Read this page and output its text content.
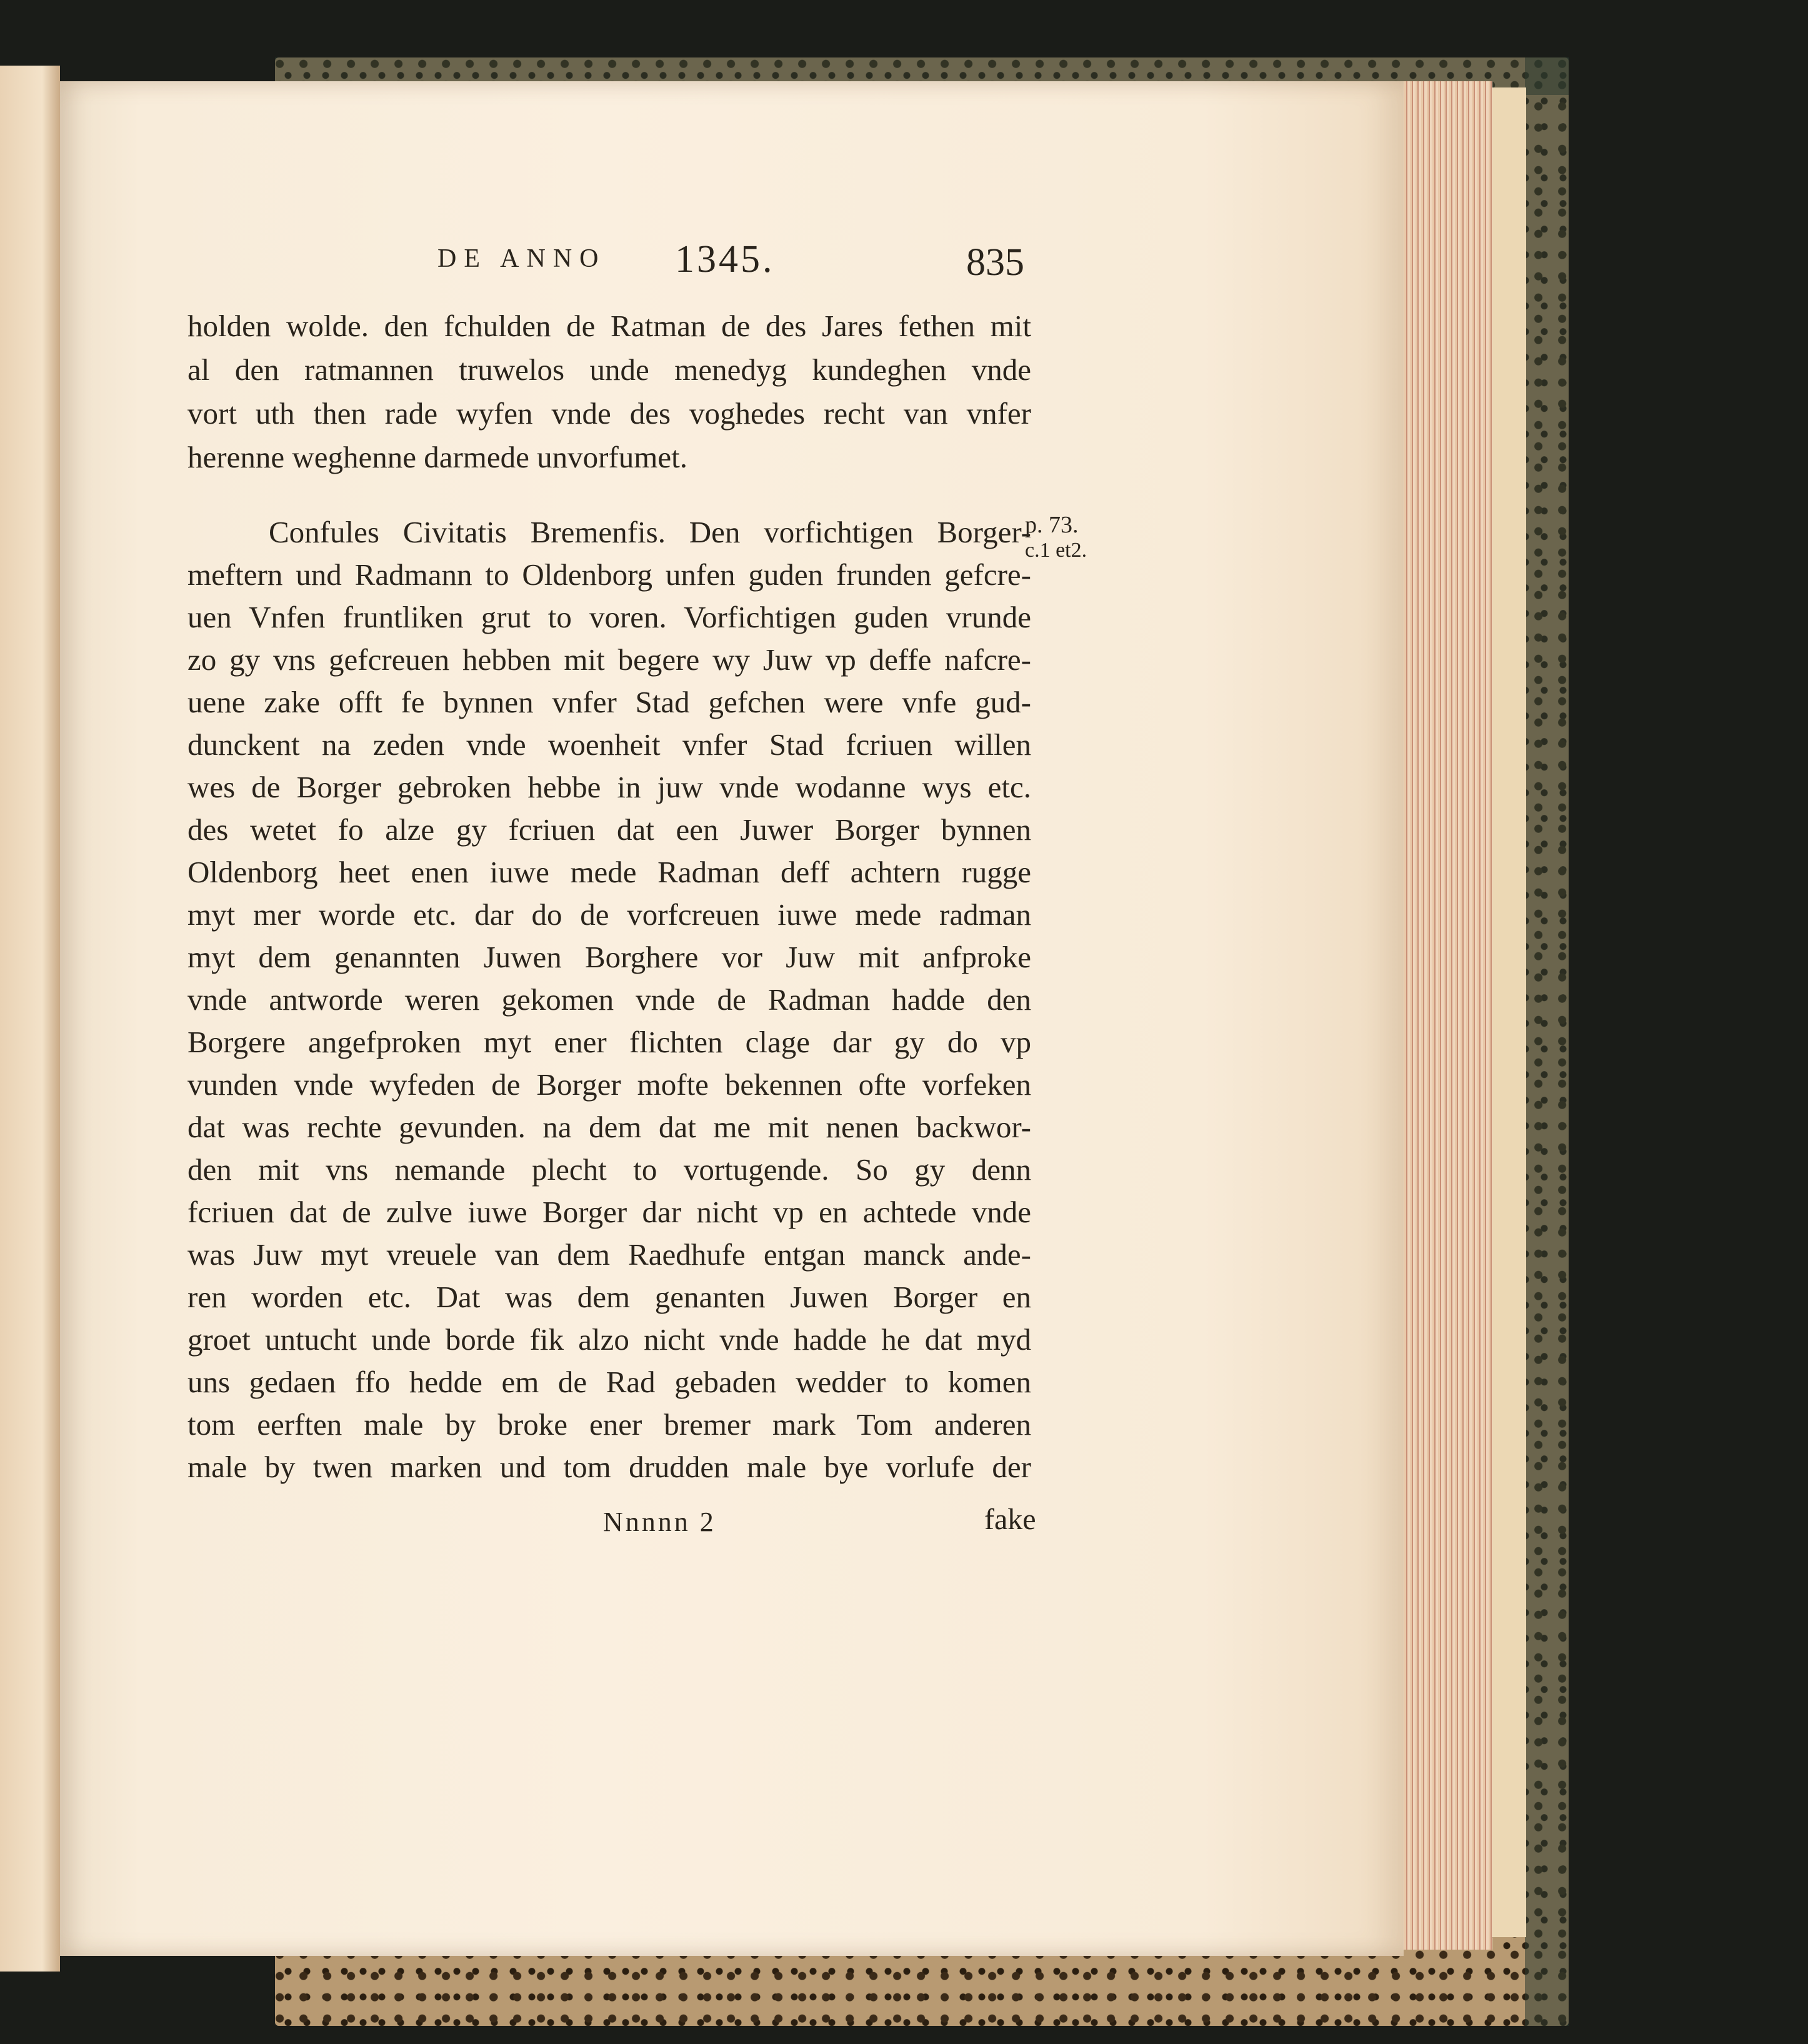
DE ANNO 1345.	835
holden wolde. den fchulden de Ratman de des Jares fethen mit
al den ratmannen truwelos unde menedyg kundeghen vnde
vort uth then rade wyfen vnde des voghedes recht van vnfer
herenne weghenne darmede unvorfumet.
Confules Civitatis Bremenfis. Den vorfichtigen Borger-
meftern und Radmann to Oldenborg unfen guden frunden gefcre-
uen Vnfen fruntliken grut to voren. Vorfichtigen guden vrunde
zo gy vns gefcreuen hebben mit begere wy Juw vp deffe nafcre-
uene zake offt fe bynnen vnfer Stad gefchen were vnfe gud-
dunckent na zeden vnde woenheit vnfer Stad fcriuen willen
wes de Borger gebroken hebbe in juw vnde wodanne wys etc.
des wetet fo alze gy fcriuen dat een Juwer Borger bynnen
Oldenborg heet enen iuwe mede Radman deff achtern rugge
myt mer worde etc. dar do de vorfcreuen iuwe mede radman
myt dem genannten Juwen Borghere vor Juw mit anfproke
vnde antworde weren gekomen vnde de Radman hadde den
Borgere angefproken myt ener flichten clage dar gy do vp
vunden vnde wyfeden de Borger mofte bekennen ofte vorfeken
dat was rechte gevunden. na dem dat me mit nenen backwor-
den mit vns nemande plecht to vortugende. So gy denn
fcriuen dat de zulve iuwe Borger dar nicht vp en achtede vnde
was Juw myt vreuele van dem Raedhufe entgan manck ande-
ren worden etc. Dat was dem genanten Juwen Borger en
groet untucht unde borde fik alzo nicht vnde hadde he dat myd
uns gedaen ffo hedde em de Rad gebaden wedder to komen
tom eerften male by broke ener bremer mark Tom anderen
male by twen marken und tom drudden male bye vorlufe der
p. 73.
c.1 et2.
Nnnnn 2	fake
